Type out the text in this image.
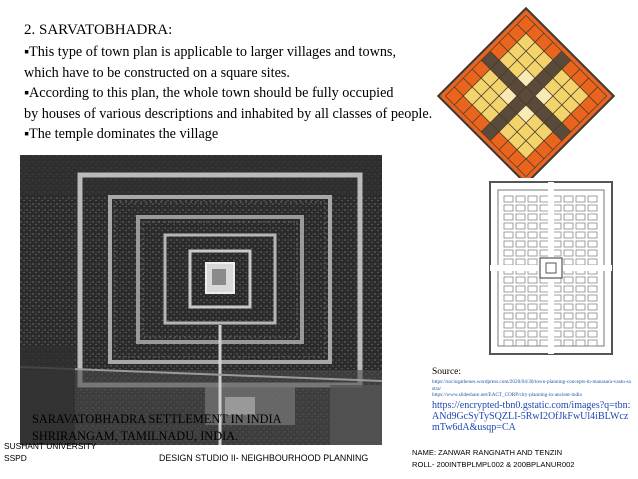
2. SARVATOBHADRA:

▪This type of town plan is applicable to larger villages and towns,

which have to be constructed on a square sites.

▪According to this plan, the whole town should be fully occupied

by houses of various descriptions and inhabited by all classes of people.

▪The temple dominates the village

SARAVATOBHADRA SETTLEMENT IN INDIA
SHRIRANGAM, TAMILNADU, INDIA.
Source:
https://sociogathenes.wordpress.com/2020/04/30/town-planning-concepts-in-manasara-vastu-sastra/
https://www.slideshare.net/EACT_CORP/city-planning-in-ancient-india
https://encrypted-tbn0.gstatic.com/images?q=tbn:ANd9GcSyTySQZLI-5RwI2OfJkFwUl4iBLWczmTw6dA&usqp=CA
SUSHANT UNIVERSITY
SSPD	DESIGN STUDIO II- NEIGHBOURHOOD PLANNING
NAME: ZANWAR RANGNATH AND TENZIN
ROLL- 200INTBPLMPL002 & 200BPLANUR002
